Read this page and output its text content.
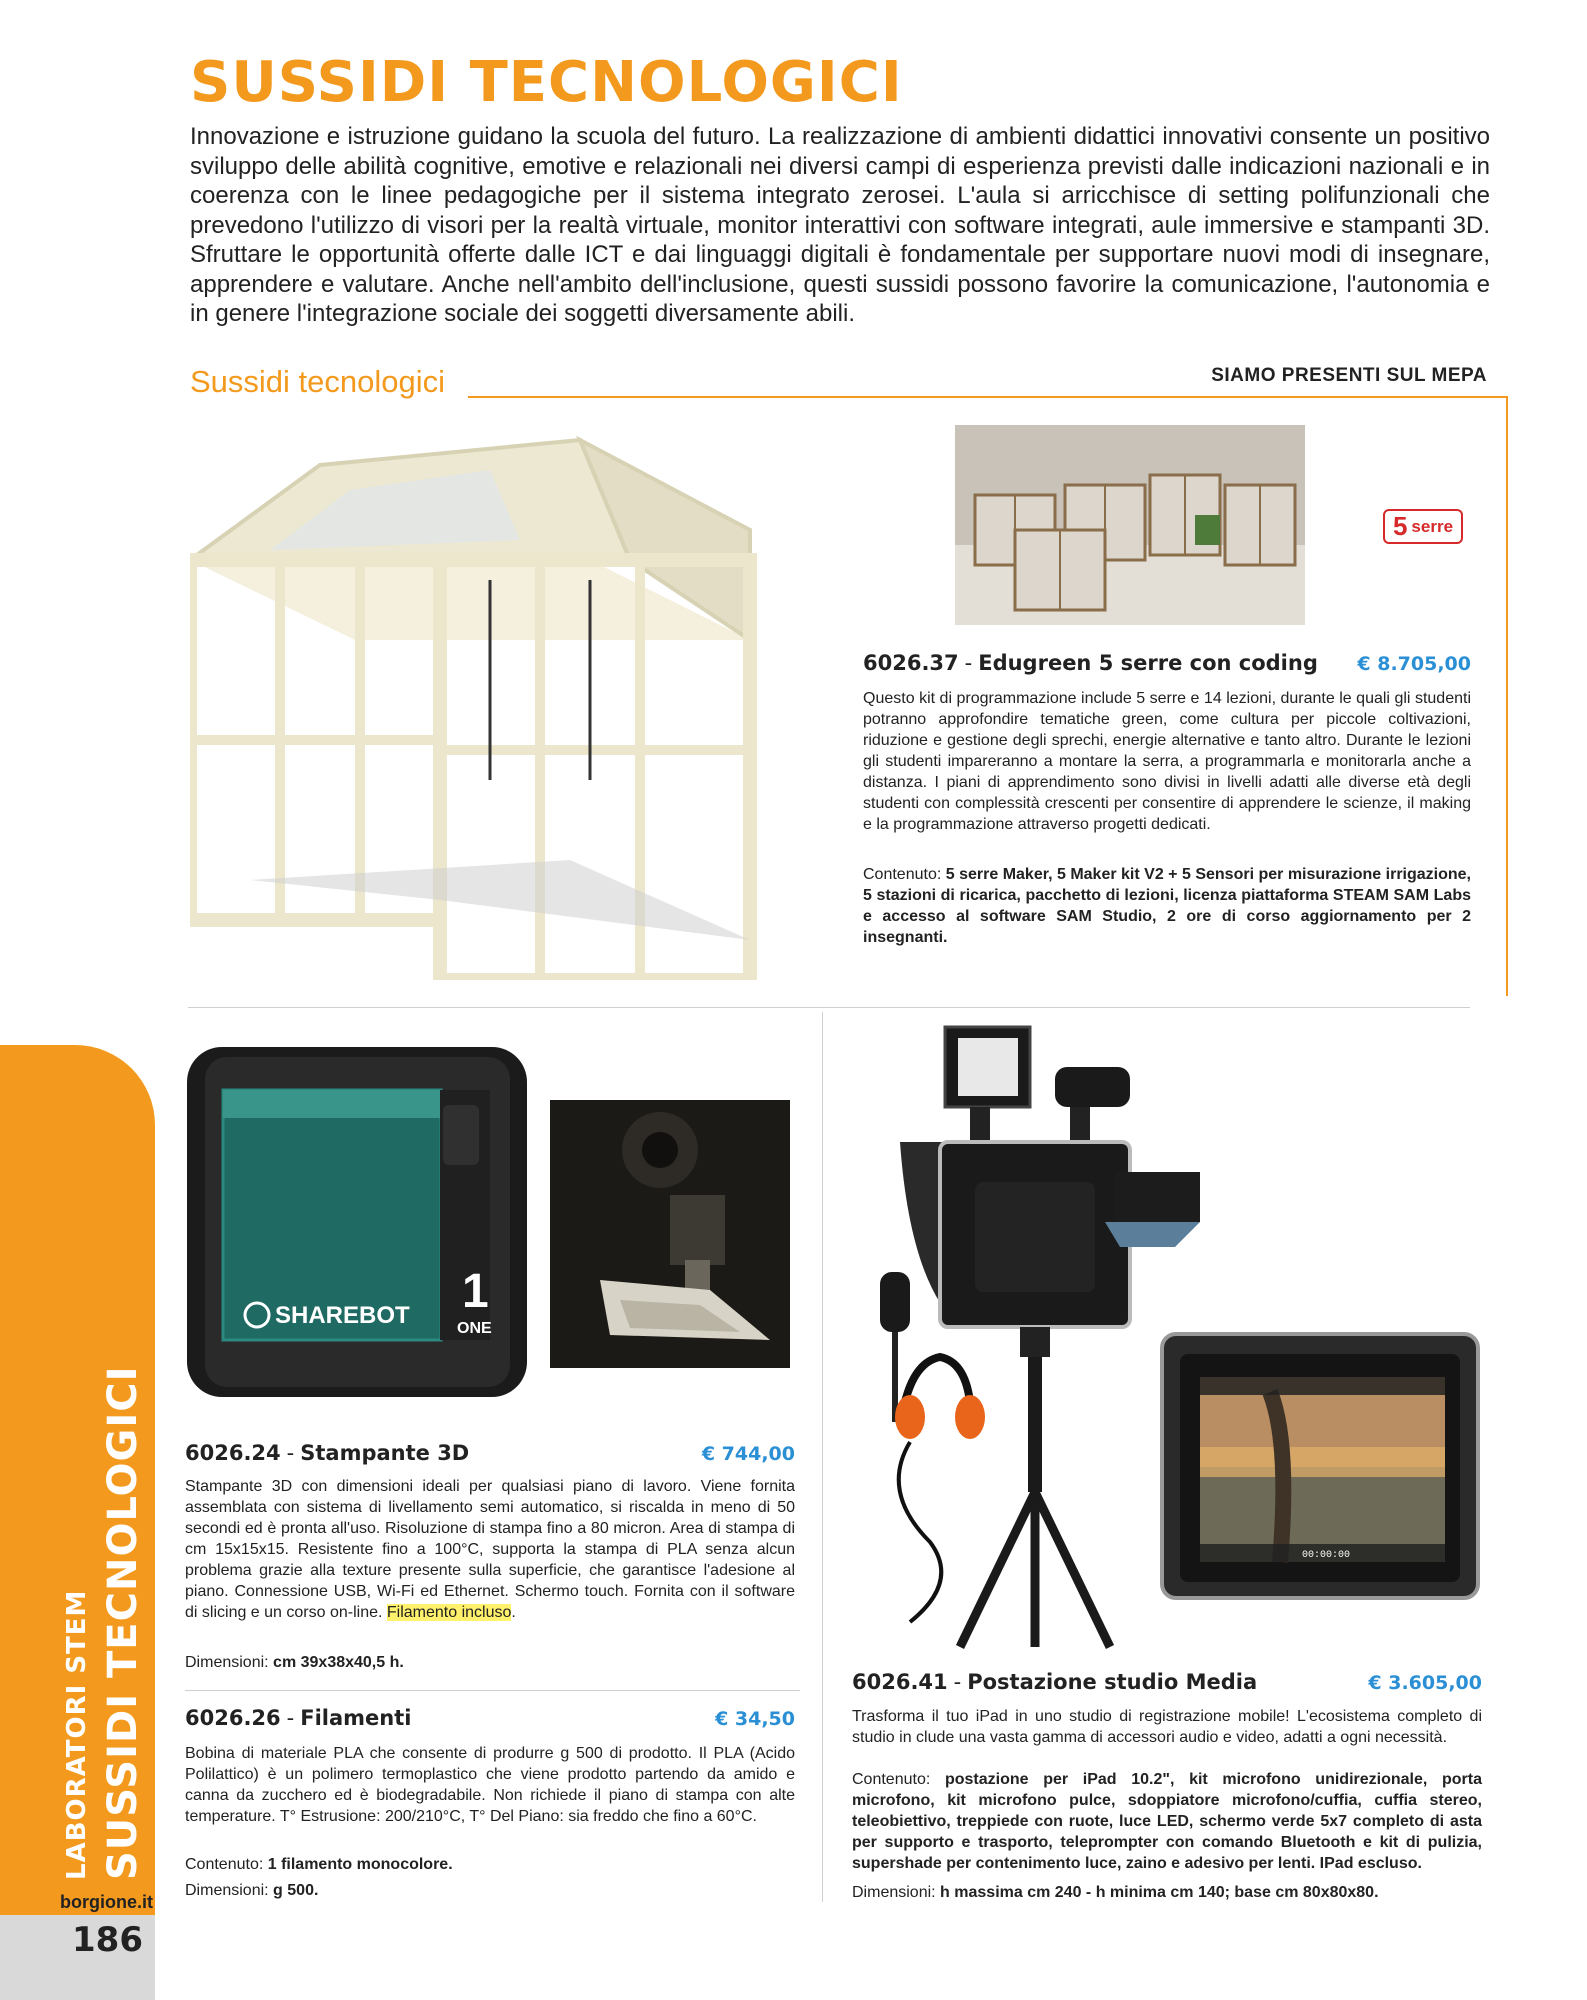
SUSSIDI TECNOLOGICI

Innovazione e istruzione guidano la scuola del futuro. La realizzazione di ambienti didattici innovativi consente un positivo sviluppo delle abilità cognitive, emotive e relazionali nei diversi campi di esperienza previsti dalle indicazioni nazionali e in coerenza con le linee pedagogiche per il sistema integrato zerosei. L'aula si arricchisce di setting polifunzionali che prevedono l'utilizzo di visori per la realtà virtuale, monitor interattivi con software integrati, aule immersive e stampanti 3D. Sfruttare le opportunità offerte dalle ICT e dai linguaggi digitali è fondamentale per supportare nuovi modi di insegnare, apprendere e valutare. Anche nell'ambito dell'inclusione, questi sussidi possono favorire la comunicazione, l'autonomia e in genere l'integrazione sociale dei soggetti diversamente abili.

Sussidi tecnologici	SIAMO PRESENTI SUL MEPA
5 serre
6026.37 - Edugreen 5 serre con coding € 8.705,00
Questo kit di programmazione include 5 serre e 14 lezioni, durante le quali gli studenti potranno approfondire tematiche green, come cultura per piccole coltivazioni, riduzione e gestione degli sprechi, energie alternative e tanto altro. Durante le lezioni gli studenti impareranno a montare la serra, a programmarla e monitorarla anche a distanza. I piani di apprendimento sono divisi in livelli adatti alle diverse età degli studenti con complessità crescenti per consentire di apprendere le scienze, il making e la programmazione attraverso progetti dedicati.
Contenuto: 5 serre Maker, 5 Maker kit V2 + 5 Sensori per misurazione irrigazione, 5 stazioni di ricarica, pacchetto di lezioni, licenza piattaforma STEAM SAM Labs e accesso al software SAM Studio, 2 ore di corso aggiornamento per 2 insegnanti.
SHAREBOT 1
ONE
6026.24 - Stampante 3D	€ 744,00
Stampante 3D con dimensioni ideali per qualsiasi piano di lavoro. Viene fornita assemblata con sistema di livellamento semi automatico, si riscalda in meno di 50 secondi ed è pronta all'uso. Risoluzione di stampa fino a 80 micron. Area di stampa di cm 15x15x15. Resistente fino a 100°C, supporta la stampa di PLA senza alcun problema grazie alla texture presente sulla superficie, che garantisce l'adesione al piano. Connessione USB, Wi-Fi ed Ethernet. Schermo touch. Fornita con il software di slicing e un corso on-line. Filamento incluso.
Dimensioni: cm 39x38x40,5 h.
6026.26 - Filamenti	€ 34,50
Bobina di materiale PLA che consente di produrre g 500 di prodotto. Il PLA (Acido Polilattico) è un polimero termoplastico che viene prodotto partendo da amido e canna da zucchero ed è biodegradabile. Non richiede il piano di stampa con alte temperature. T° Estrusione: 200/210°C, T° Del Piano: sia freddo che fino a 60°C.
Contenuto: 1 filamento monocolore.
Dimensioni: g 500.
00:00:00
6026.41 - Postazione studio Media	€ 3.605,00
Trasforma il tuo iPad in uno studio di registrazione mobile! L'ecosistema completo di studio in clude una vasta gamma di accessori audio e video, adatti a ogni necessità.
Contenuto: postazione per iPad 10.2", kit microfono unidirezionale, porta microfono, kit microfono pulce, sdoppiatore microfono/cuffia, cuffia stereo, teleobiettivo, treppiede con ruote, luce LED, schermo verde 5x7 completo di asta per supporto e trasporto, teleprompter con comando Bluetooth e kit di pulizia, supershade per contenimento luce, zaino e adesivo per lenti. IPad escluso.
Dimensioni: h massima cm 240 - h minima cm 140; base cm 80x80x80.
LABORATORI STEM SUSSIDI TECNOLOGICI
borgione.it
186
